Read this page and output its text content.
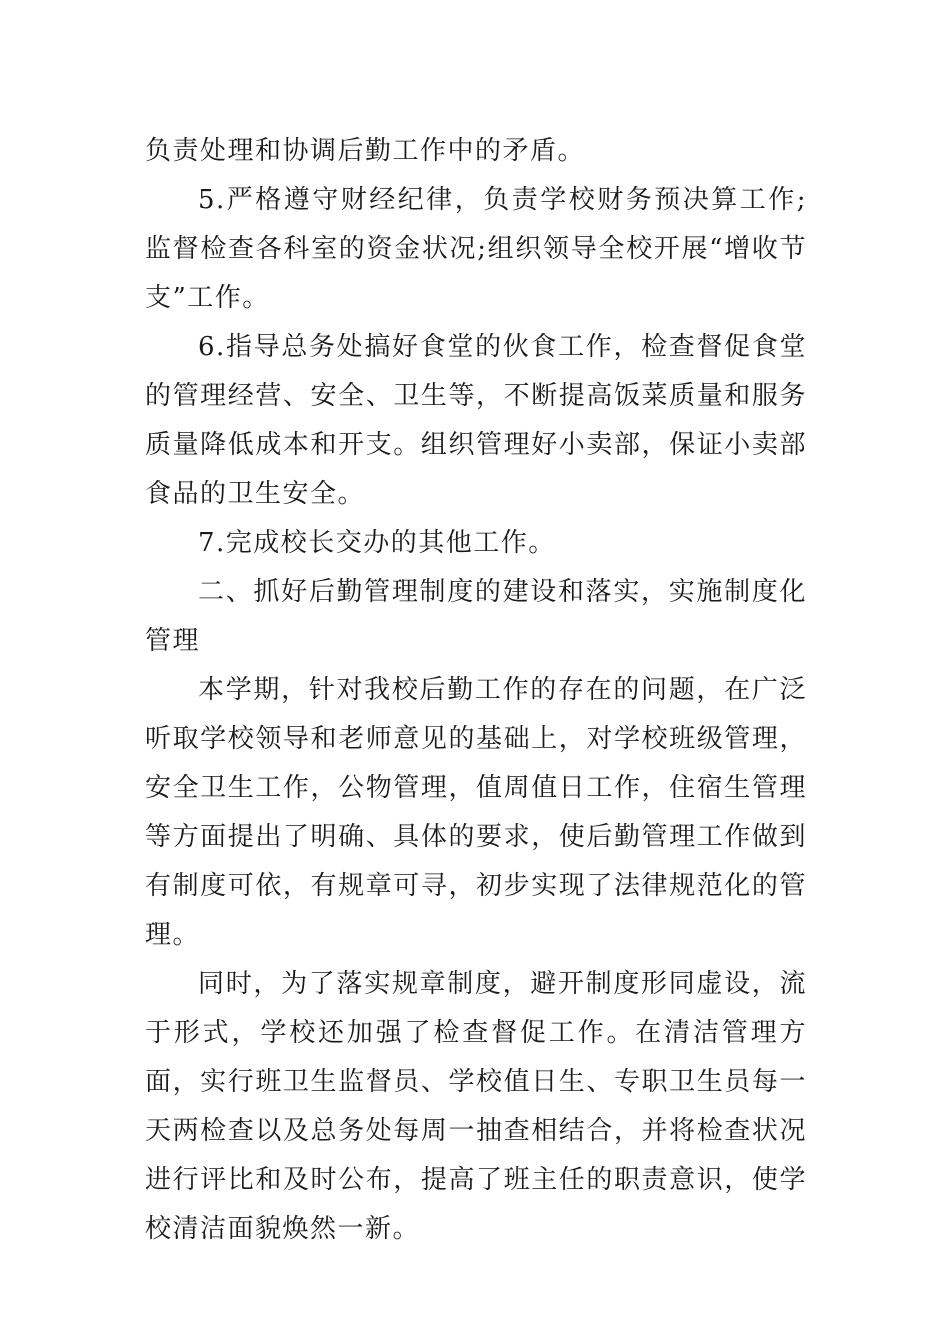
负责处理和协调后勤工作中的矛盾。

5.严格遵守财经纪律，负责学校财务预决算工作;监督检查各科室的资金状况;组织领导全校开展“增收节支”工作。

6.指导总务处搞好食堂的伙食工作，检查督促食堂的管理经营、安全、卫生等，不断提高饭菜质量和服务质量降低成本和开支。组织管理好小卖部，保证小卖部食品的卫生安全。

7.完成校长交办的其他工作。

二、抓好后勤管理制度的建设和落实，实施制度化管理

本学期，针对我校后勤工作的存在的问题，在广泛听取学校领导和老师意见的基础上，对学校班级管理，安全卫生工作，公物管理，值周值日工作，住宿生管理等方面提出了明确、具体的要求，使后勤管理工作做到有制度可依，有规章可寻，初步实现了法律规范化的管理。

同时，为了落实规章制度，避开制度形同虚设，流于形式，学校还加强了检查督促工作。在清洁管理方面，实行班卫生监督员、学校值日生、专职卫生员每一天两检查以及总务处每周一抽查相结合，并将检查状况进行评比和及时公布，提高了班主任的职责意识，使学校清洁面貌焕然一新。
